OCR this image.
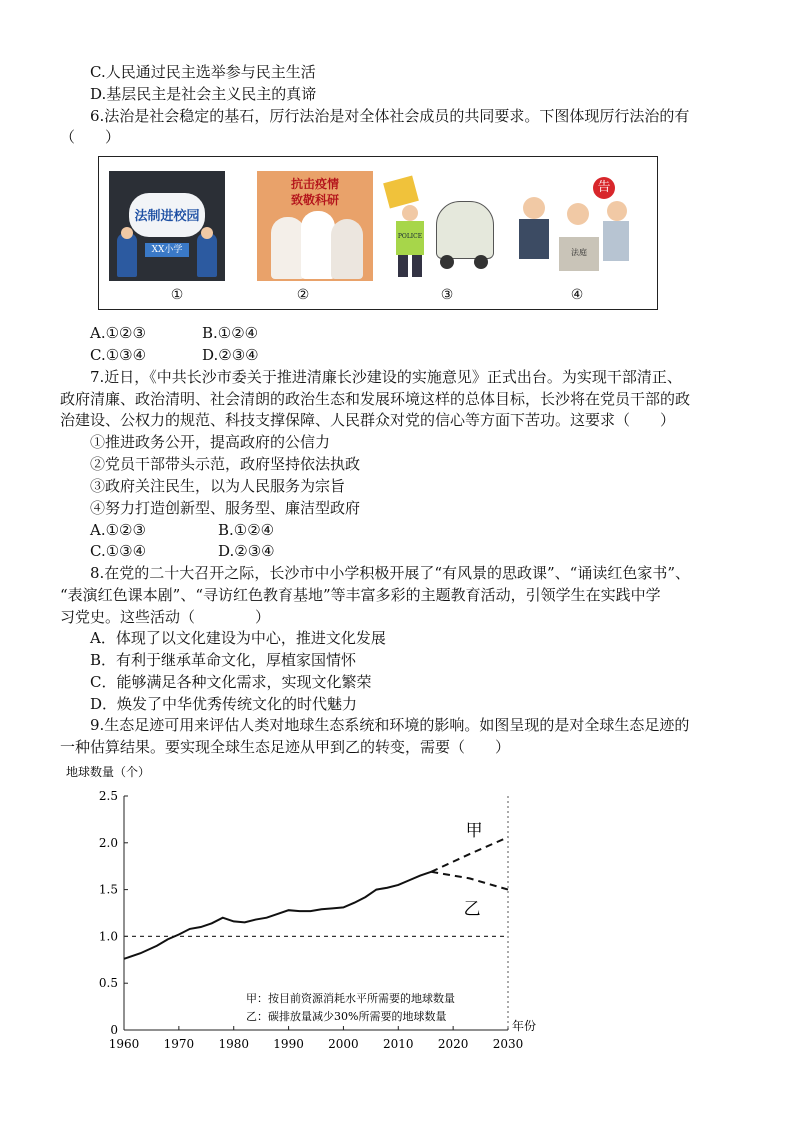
C.人民通过民主选举参与民主生活
D.基层民主是社会主义民主的真谛
6.法治是社会稳定的基石，厉行法治是对全体社会成员的共同要求。下图体现厉行法治的有
（　　）
法制进校园
XX小学
抗击疫情
致敬科研
POLICE
告
法庭
①	②	③	④
A.①②③	B.①②④
C.①③④	D.②③④
7.近日，《中共长沙市委关于推进清廉长沙建设的实施意见》正式出台。为实现干部清正、
政府清廉、政治清明、社会清朗的政治生态和发展环境这样的总体目标，长沙将在党员干部的政
治建设、公权力的规范、科技支撑保障、人民群众对党的信心等方面下苦功。这要求（　　）
①推进政务公开，提高政府的公信力
②党员干部带头示范，政府坚持依法执政
③政府关注民生，以为人民服务为宗旨
④努力打造创新型、服务型、廉洁型政府
A.①②③	B.①②④
C.①③④	D.②③④
8.在党的二十大召开之际，长沙市中小学积极开展了“有风景的思政课”、“诵读红色家书”、
“表演红色课本剧”、“寻访红色教育基地”等丰富多彩的主题教育活动，引领学生在实践中学
习党史。这些活动（　　　　）
A．体现了以文化建设为中心，推进文化发展
B．有利于继承革命文化，厚植家国情怀
C．能够满足各种文化需求，实现文化繁荣
D．焕发了中华优秀传统文化的时代魅力
9.生态足迹可用来评估人类对地球生态系统和环境的影响。如图呈现的是对全球生态足迹的
一种估算结果。要实现全球生态足迹从甲到乙的转变，需要（　　）
地球数量（个）
年份
1960 1970 1980 1990 2000 2010 2020 2030
0
0.5
1.0
1.5
2.0
2.5
甲
乙
甲：按目前资源消耗水平所需要的地球数量
乙：碳排放量减少30%所需要的地球数量
